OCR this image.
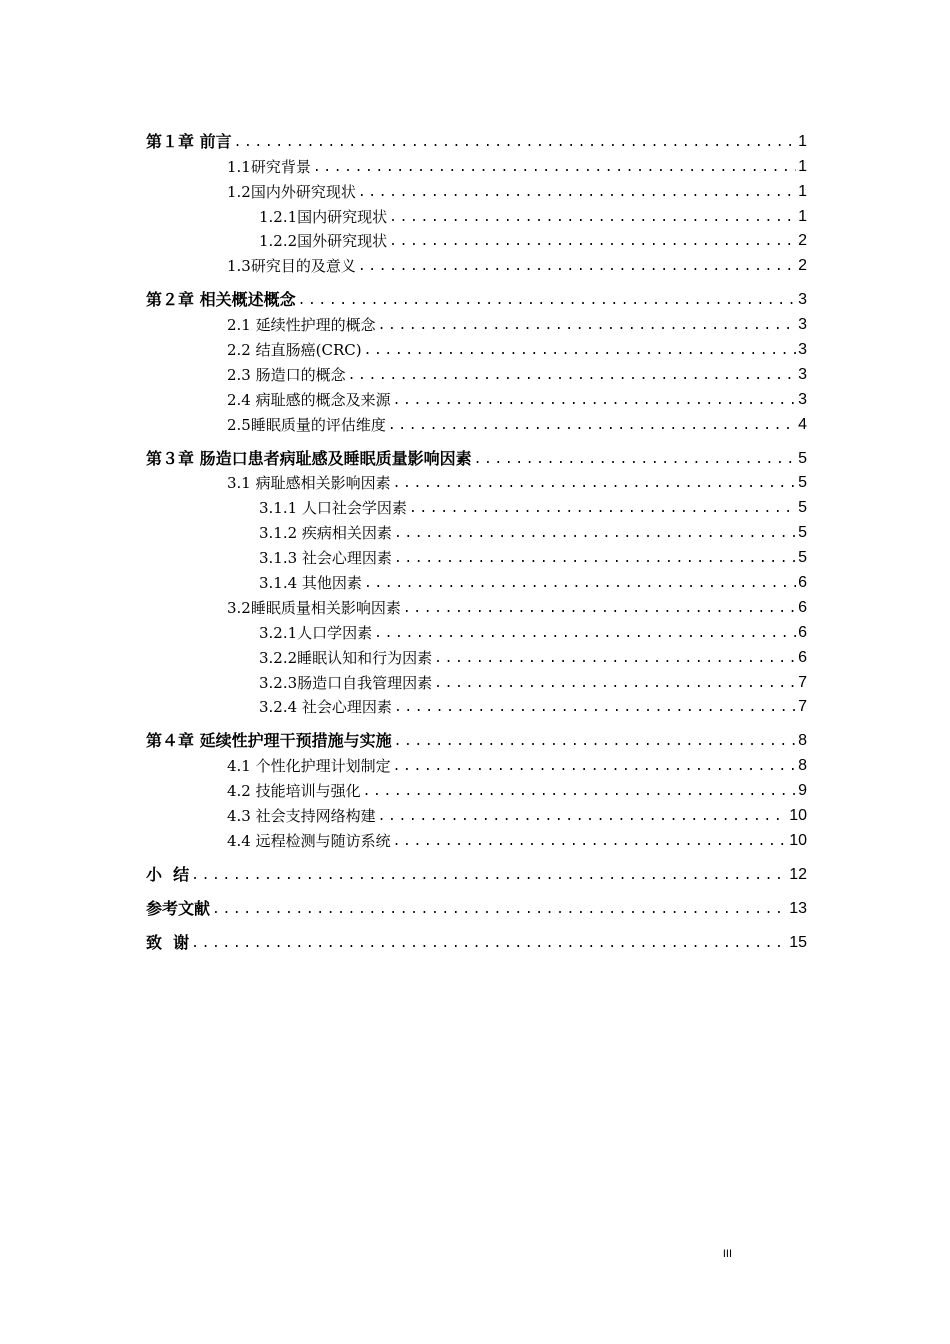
第１章 前言 .....	1
1.1研究背景 .....	1
1.2国内外研究现状 .....	1
1.2.1国内研究现状 .....	1
1.2.2国外研究现状 .....	2
1.3研究目的及意义 .....	2
第２章 相关概述概念 .....	3
2.1 延续性护理的概念 .....	3
2.2 结直肠癌(CRC) .....	3
2.3 肠造口的概念 .....	3
2.4 病耻感的概念及来源 .....	3
2.5睡眠质量的评估维度 .....	4
第３章 肠造口患者病耻感及睡眠质量影响因素 .....	5
3.1 病耻感相关影响因素 .....	5
3.1.1 人口社会学因素 .....	5
3.1.2 疾病相关因素 .....	5
3.1.3 社会心理因素 .....	5
3.1.4 其他因素 .....	6
3.2睡眠质量相关影响因素 .....	6
3.2.1人口学因素 .....	6
3.2.2睡眠认知和行为因素 .....	6
3.2.3肠造口自我管理因素 .....	7
3.2.4 社会心理因素 .....	7
第４章 延续性护理干预措施与实施 .....	8
4.1 个性化护理计划制定 .....	8
4.2 技能培训与强化 .....	9
4.3 社会支持网络构建 .....	10
4.4 远程检测与随访系统 .....	10
小  结 .....	12
参考文献 .....	13
致  谢 .....	15
III
